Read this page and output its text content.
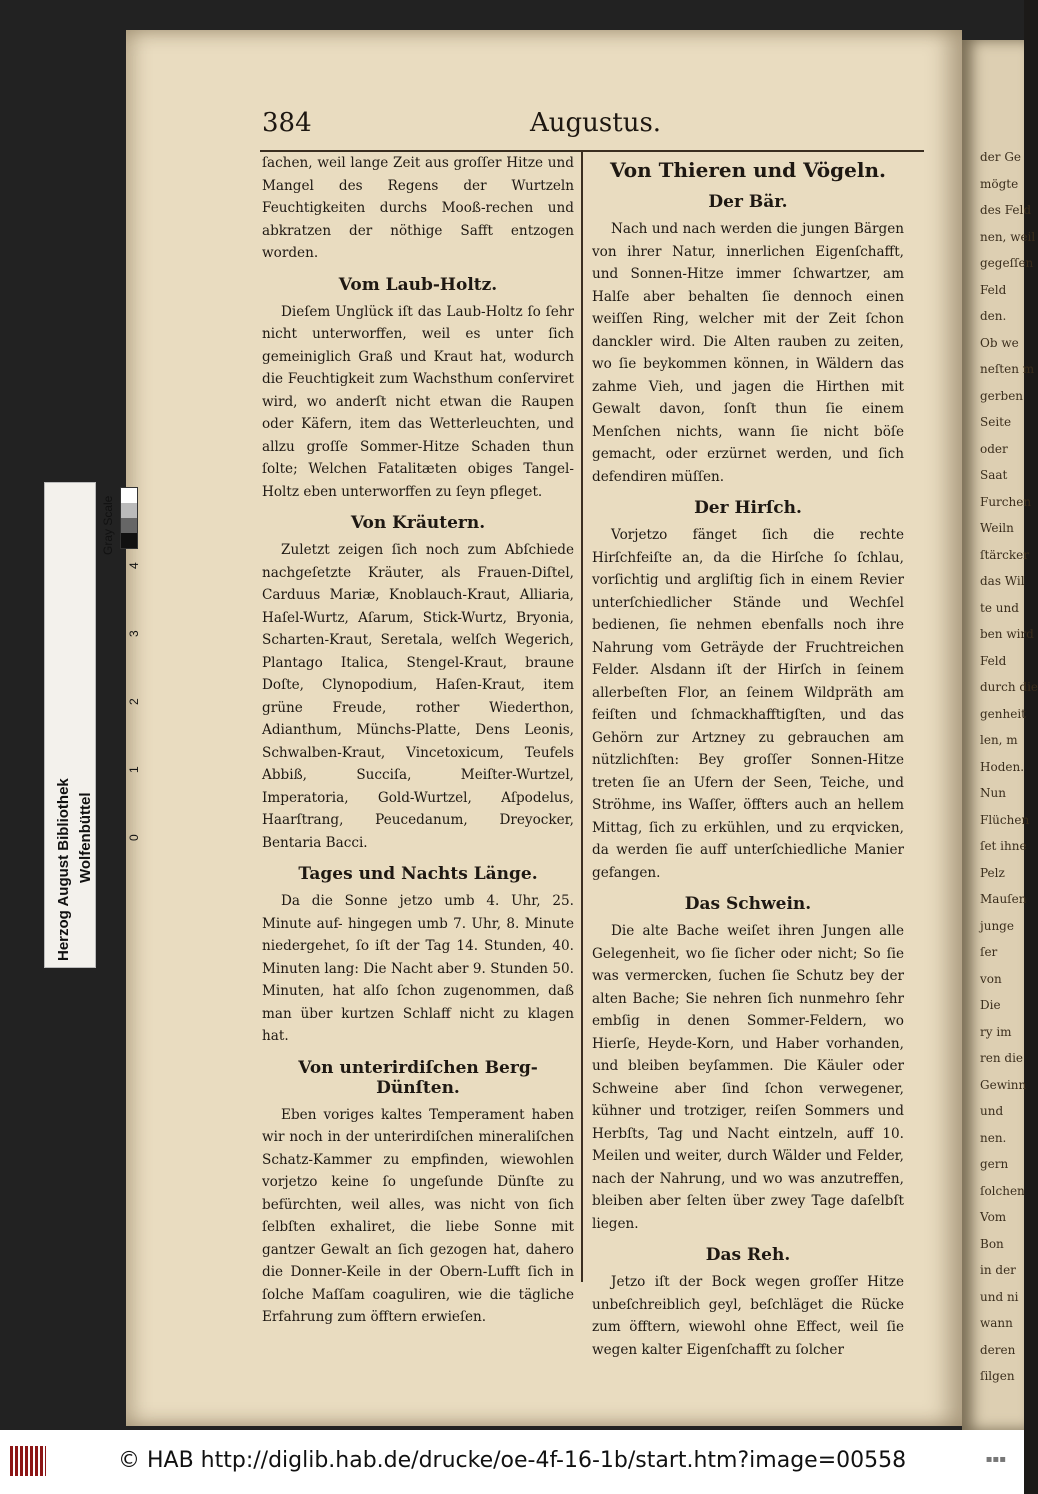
der Ge
mögte
des Feld
nen, weil
gegeſſen
Feld
den.
Ob we
neſten m
gerben
Seite
oder
Saat
Furchen
Weiln
ſtärcker
das Wil
te und
ben wird
Feld
durch die
genheit
len, m
Hoden.
Nun
Flüchen
ſet ihne
Pelz
Mauſen
junge
ſer
von
Die
ry im
ren die
Gewinn
und
nen.
gern
ſolchen
Vom
Bon
in der
und ni
wann
deren
ſilgen
384	Augustus.

ſachen, weil lange Zeit aus groſſer Hitze und Mangel des Regens der Wurtzeln Feuchtigkeiten durchs Mooß-rechen und abkratzen der nöthige Safft entzogen worden.

Vom Laub-Holtz.

Dieſem Unglück iſt das Laub-Holtz ſo ſehr nicht unterworffen, weil es unter ſich gemeiniglich Graß und Kraut hat, wodurch die Feuchtigkeit zum Wachsthum conſerviret wird, wo anderſt nicht etwan die Raupen oder Käfern, item das Wetterleuchten, und allzu groſſe Sommer-Hitze Schaden thun ſolte; Welchen Fatalitæten obiges Tangel-Holtz eben unterworffen zu ſeyn pfleget.

Von Kräutern.

Zuletzt zeigen ſich noch zum Abſchiede nachgeſetzte Kräuter, als Frauen-Diſtel, Carduus Mariæ, Knoblauch-Kraut, Alliaria, Haſel-Wurtz, Aſarum, Stick-Wurtz, Bryonia, Scharten-Kraut, Seretala, welſch Wegerich, Plantago Italica, Stengel-Kraut, braune Doſte, Clynopodium, Haſen-Kraut, item grüne Freude, rother Wiederthon, Adianthum, Münchs-Platte, Dens Leonis, Schwalben-Kraut, Vincetoxicum, Teufels Abbiß, Succiſa, Meiſter-Wurtzel, Imperatoria, Gold-Wurtzel, Aſpodelus, Haarſtrang, Peucedanum, Dreyocker, Bentaria Bacci.

Tages und Nachts Länge.

Da die Sonne jetzo umb 4. Uhr, 25. Minute auf- hingegen umb 7. Uhr, 8. Minute niedergehet, ſo iſt der Tag 14. Stunden, 40. Minuten lang: Die Nacht aber 9. Stunden 50. Minuten, hat alſo ſchon zugenommen, daß man über kurtzen Schlaff nicht zu klagen hat.

Von unterirdiſchen Berg-Dünſten.

Eben voriges kaltes Temperament haben wir noch in der unterirdiſchen mineraliſchen Schatz-Kammer zu empfinden, wiewohlen vorjetzo keine ſo ungeſunde Dünſte zu befürchten, weil alles, was nicht von ſich ſelbſten exhaliret, die liebe Sonne mit gantzer Gewalt an ſich gezogen hat, dahero die Donner-Keile in der Obern-Lufft ſich in ſolche Maſſam coaguliren, wie die tägliche Erfahrung zum öfftern erwieſen.

Von Thieren und Vögeln.
Der Bär.

Nach und nach werden die jungen Bärgen von ihrer Natur, innerlichen Eigenſchafft, und Sonnen-Hitze immer ſchwartzer, am Halſe aber behalten ſie dennoch einen weiſſen Ring, welcher mit der Zeit ſchon danckler wird. Die Alten rauben zu zeiten, wo ſie beykommen können, in Wäldern das zahme Vieh, und jagen die Hirthen mit Gewalt davon, ſonſt thun ſie einem Menſchen nichts, wann ſie nicht böſe gemacht, oder erzürnet werden, und ſich defendiren müſſen.

Der Hirſch.

Vorjetzo fänget ſich die rechte Hirſchfeiſte an, da die Hirſche ſo ſchlau, vorſichtig und argliſtig ſich in einem Revier unterſchiedlicher Stände und Wechſel bedienen, ſie nehmen ebenfalls noch ihre Nahrung vom Geträyde der Fruchtreichen Felder. Alsdann iſt der Hirſch in ſeinem allerbeſten Flor, an ſeinem Wildpräth am feiſten und ſchmackhafftigſten, und das Gehörn zur Artzney zu gebrauchen am nützlichſten: Bey groſſer Sonnen-Hitze treten ſie an Ufern der Seen, Teiche, und Ströhme, ins Waſſer, öffters auch an hellem Mittag, ſich zu erkühlen, und zu erqvicken, da werden ſie auff unterſchiedliche Manier gefangen.

Das Schwein.

Die alte Bache weiſet ihren Jungen alle Gelegenheit, wo ſie ſicher oder nicht; So ſie was vermercken, ſuchen ſie Schutz bey der alten Bache; Sie nehren ſich nunmehro ſehr embſig in denen Sommer-Feldern, wo Hierſe, Heyde-Korn, und Haber vorhanden, und bleiben beyſammen. Die Käuler oder Schweine aber ſind ſchon verwegener, kühner und trotziger, reiſen Sommers und Herbſts, Tag und Nacht eintzeln, auff 10. Meilen und weiter, durch Wälder und Felder, nach der Nahrung, und wo was anzutreffen, bleiben aber ſelten über zwey Tage daſelbſt liegen.

Das Reh.

Jetzo iſt der Bock wegen groſſer Hitze unbeſchreiblich geyl, beſchläget die Rücke zum öfftern, wiewohl ohne Effect, weil ſie wegen kalter Eigenſchafft zu ſolcher

Herzog August Bibliothek Wolfenbüttel
Gray Scale
0
1
2
3
4
© HAB http://diglib.hab.de/drucke/oe-4f-16-1b/start.htm?image=00558	▪▪▪
